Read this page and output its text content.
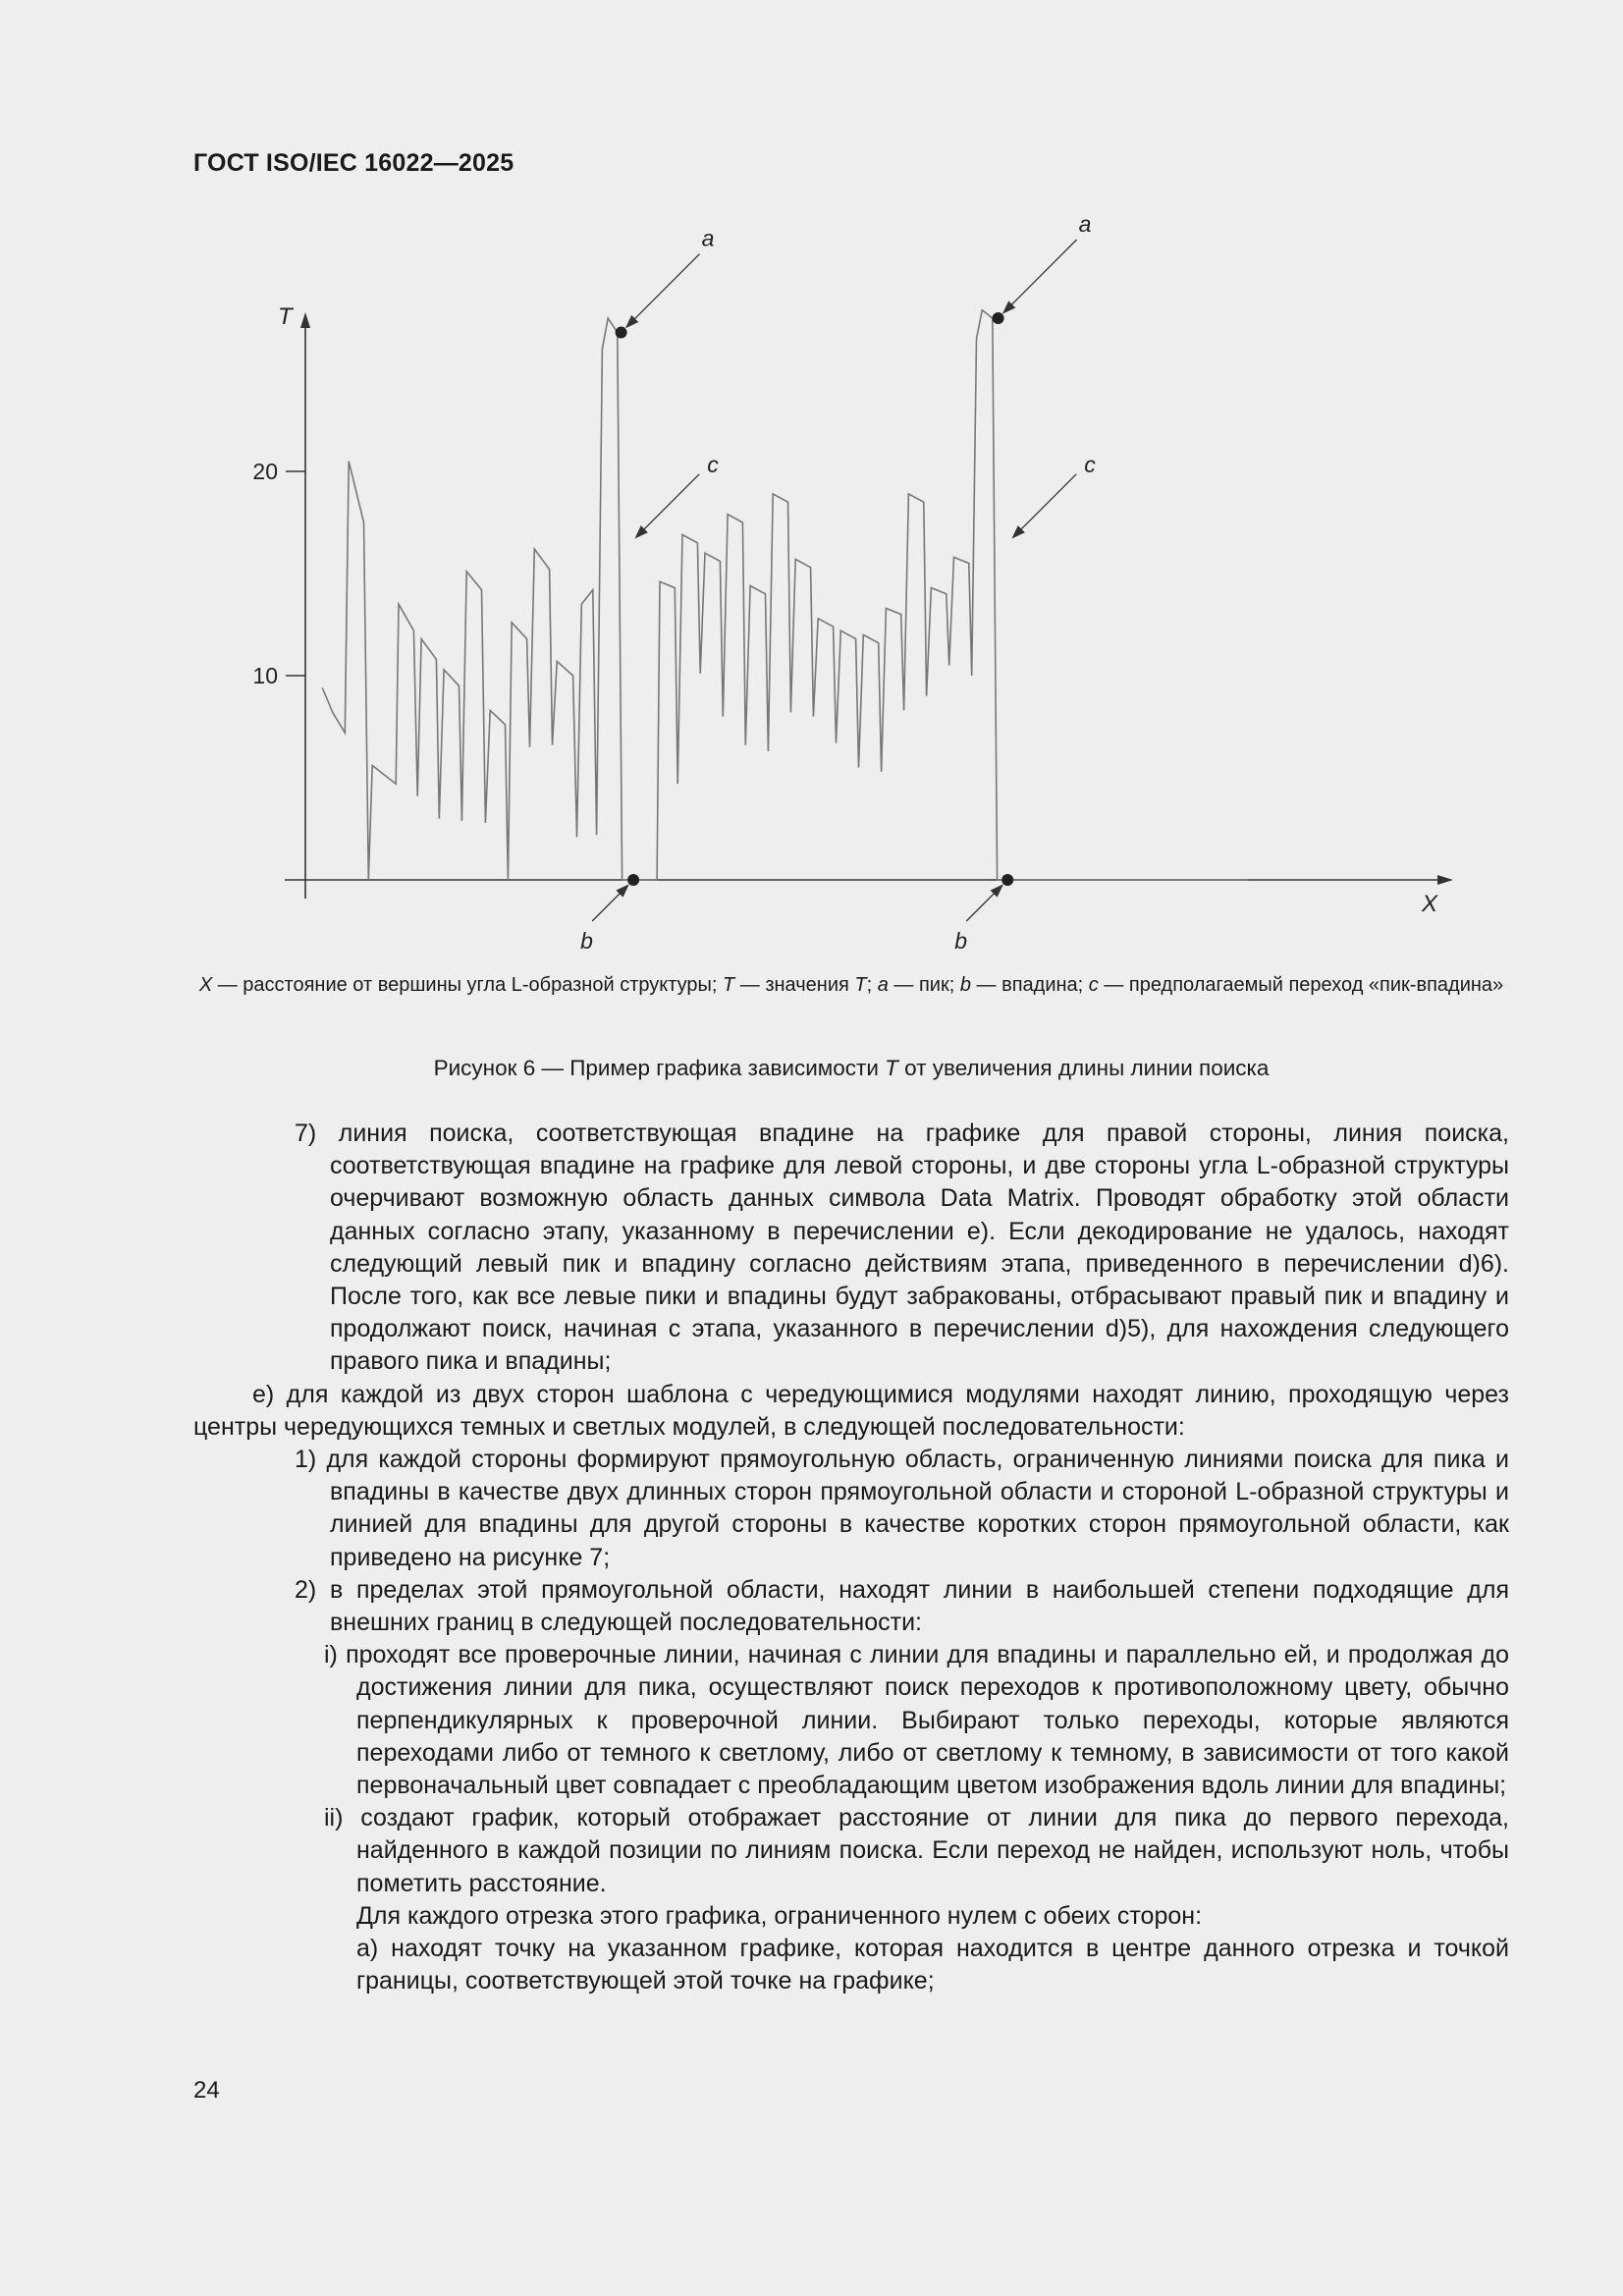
ГОСТ ISO/IEC 16022—2025
10
20
T
X
a
c
b
a
c
b
X — расстояние от вершины угла L-образной структуры; T — значения T; a — пик; b — впадина; c — предполагаемый переход «пик-впадина»
Рисунок 6 — Пример графика зависимости T от увеличения длины линии поиска

7) линия поиска, соответствующая впадине на графике для правой стороны, линия поиска, соответствующая впадине на графике для левой стороны, и две стороны угла L-образной структуры очерчивают возможную область данных символа Data Matrix. Проводят обработку этой области данных согласно этапу, указанному в перечислении е). Если декодирование не удалось, находят следующий левый пик и впадину согласно действиям этапа, приведенного в перечислении d)6). После того, как все левые пики и впадины будут забракованы, отбрасывают правый пик и впадину и продолжают поиск, начиная с этапа, указанного в перечислении d)5), для нахождения следующего правого пика и впадины;

е) для каждой из двух сторон шаблона с чередующимися модулями находят линию, проходящую через центры чередующихся темных и светлых модулей, в следующей последовательности:

1) для каждой стороны формируют прямоугольную область, ограниченную линиями поиска для пика и впадины в качестве двух длинных сторон прямоугольной области и стороной L-образной структуры и линией для впадины для другой стороны в качестве коротких сторон прямоугольной области, как приведено на рисунке 7;

2) в пределах этой прямоугольной области, находят линии в наибольшей степени подходящие для внешних границ в следующей последовательности:

i) проходят все проверочные линии, начиная с линии для впадины и параллельно ей, и продолжая до достижения линии для пика, осуществляют поиск переходов к противоположному цвету, обычно перпендикулярных к проверочной линии. Выбирают только переходы, которые являются переходами либо от темного к светлому, либо от светлому к темному, в зависимости от того какой первоначальный цвет совпадает с преобладающим цветом изображения вдоль линии для впадины;

ii) создают график, который отображает расстояние от линии для пика до первого перехода, найденного в каждой позиции по линиям поиска. Если переход не найден, используют ноль, чтобы пометить расстояние.

Для каждого отрезка этого графика, ограниченного нулем с обеих сторон:

а) находят точку на указанном графике, которая находится в центре данного отрезка и точкой границы, соответствующей этой точке на графике;

24
